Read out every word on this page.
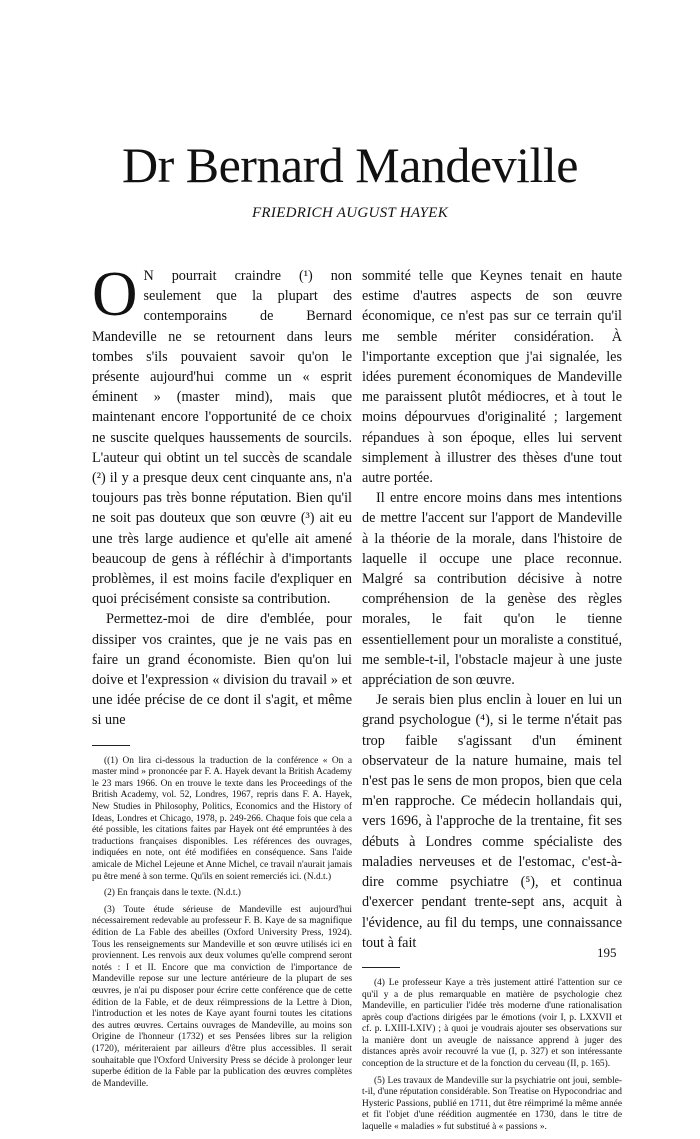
Dr Bernard Mandeville
FRIEDRICH AUGUST HAYEK

O N pourrait craindre (¹) non seulement que la plupart des contemporains de Bernard Mandeville ne se retournent dans leurs tombes s'ils pouvaient savoir qu'on le présente aujourd'hui comme un « esprit éminent » (master mind), mais que maintenant encore l'opportunité de ce choix ne suscite quelques haussements de sourcils. L'auteur qui obtint un tel succès de scandale (²) il y a presque deux cent cinquante ans, n'a toujours pas très bonne réputation. Bien qu'il ne soit pas douteux que son œuvre (³) ait eu une très large audience et qu'elle ait amené beaucoup de gens à réfléchir à d'importants problèmes, il est moins facile d'expliquer en quoi précisément consiste sa contribution.

Permettez-moi de dire d'emblée, pour dissiper vos craintes, que je ne vais pas en faire un grand économiste. Bien qu'on lui doive et l'expression « division du travail » et une idée précise de ce dont il s'agit, et même si une

((1) On lira ci-dessous la traduction de la conférence « On a master mind » prononcée par F. A. Hayek devant la British Academy le 23 mars 1966. On en trouve le texte dans les Proceedings of the British Academy, vol. 52, Londres, 1967, repris dans F. A. Hayek, New Studies in Philosophy, Politics, Economics and the History of Ideas, Londres et Chicago, 1978, p. 249-266. Chaque fois que cela a été possible, les citations faites par Hayek ont été empruntées à des traductions françaises disponibles. Les références des ouvrages, indiquées en note, ont été modifiées en conséquence. Sans l'aide amicale de Michel Lejeune et Anne Michel, ce travail n'aurait jamais pu être mené à son terme. Qu'ils en soient remerciés ici. (N.d.t.)

(2) En français dans le texte. (N.d.t.)

(3) Toute étude sérieuse de Mandeville est aujourd'hui nécessairement redevable au professeur F. B. Kaye de sa magnifique édition de La Fable des abeilles (Oxford University Press, 1924). Tous les renseignements sur Mandeville et son œuvre utilisés ici en proviennent. Les renvois aux deux volumes qu'elle comprend seront notés : I et II. Encore que ma conviction de l'importance de Mandeville repose sur une lecture antérieure de la plupart de ses œuvres, je n'ai pu disposer pour écrire cette conférence que de cette édition de la Fable, et de deux réimpressions de la Lettre à Dion, l'introduction et les notes de Kaye ayant fourni toutes les citations des autres œuvres. Certains ouvrages de Mandeville, au moins son Origine de l'honneur (1732) et ses Pensées libres sur la religion (1720), mériteraient par ailleurs d'être plus accessibles. Il serait souhaitable que l'Oxford University Press se décide à prolonger leur superbe édition de la Fable par la publication des œuvres complètes de Mandeville.

sommité telle que Keynes tenait en haute estime d'autres aspects de son œuvre économique, ce n'est pas sur ce terrain qu'il me semble mériter considération. À l'importante exception que j'ai signalée, les idées purement économiques de Mandeville me paraissent plutôt médiocres, et à tout le moins dépourvues d'originalité ; largement répandues à son époque, elles lui servent simplement à illustrer des thèses d'une tout autre portée.

Il entre encore moins dans mes intentions de mettre l'accent sur l'apport de Mandeville à la théorie de la morale, dans l'histoire de laquelle il occupe une place reconnue. Malgré sa contribution décisive à notre compréhension de la genèse des règles morales, le fait qu'on le tienne essentiellement pour un moraliste a constitué, me semble-t-il, l'obstacle majeur à une juste appréciation de son œuvre.

Je serais bien plus enclin à louer en lui un grand psychologue (⁴), si le terme n'était pas trop faible s'agissant d'un éminent observateur de la nature humaine, mais tel n'est pas le sens de mon propos, bien que cela m'en rapproche. Ce médecin hollandais qui, vers 1696, à l'approche de la trentaine, fit ses débuts à Londres comme spécialiste des maladies nerveuses et de l'estomac, c'est-à-dire comme psychiatre (⁵), et continua d'exercer pendant trente-sept ans, acquit à l'évidence, au fil du temps, une connaissance tout à fait

(4) Le professeur Kaye a très justement attiré l'attention sur ce qu'il y a de plus remarquable en matière de psychologie chez Mandeville, en particulier l'idée très moderne d'une rationalisation après coup d'actions dirigées par le émotions (voir I, p. LXXVII et cf. p. LXIII-LXIV) ; à quoi je voudrais ajouter ses observations sur la manière dont un aveugle de naissance apprend à juger des distances après avoir recouvré la vue (I, p. 327) et son intéressante conception de la structure et de la fonction du cerveau (II, p. 165).

(5) Les travaux de Mandeville sur la psychiatrie ont joui, semble-t-il, d'une réputation considérable. Son Treatise on Hypocondriac and Hysteric Passions, publié en 1711, dut être réimprimé la même année et fit l'objet d'une réédition augmentée en 1730, dans le titre de laquelle « maladies » fut substitué à « passions ».

195
